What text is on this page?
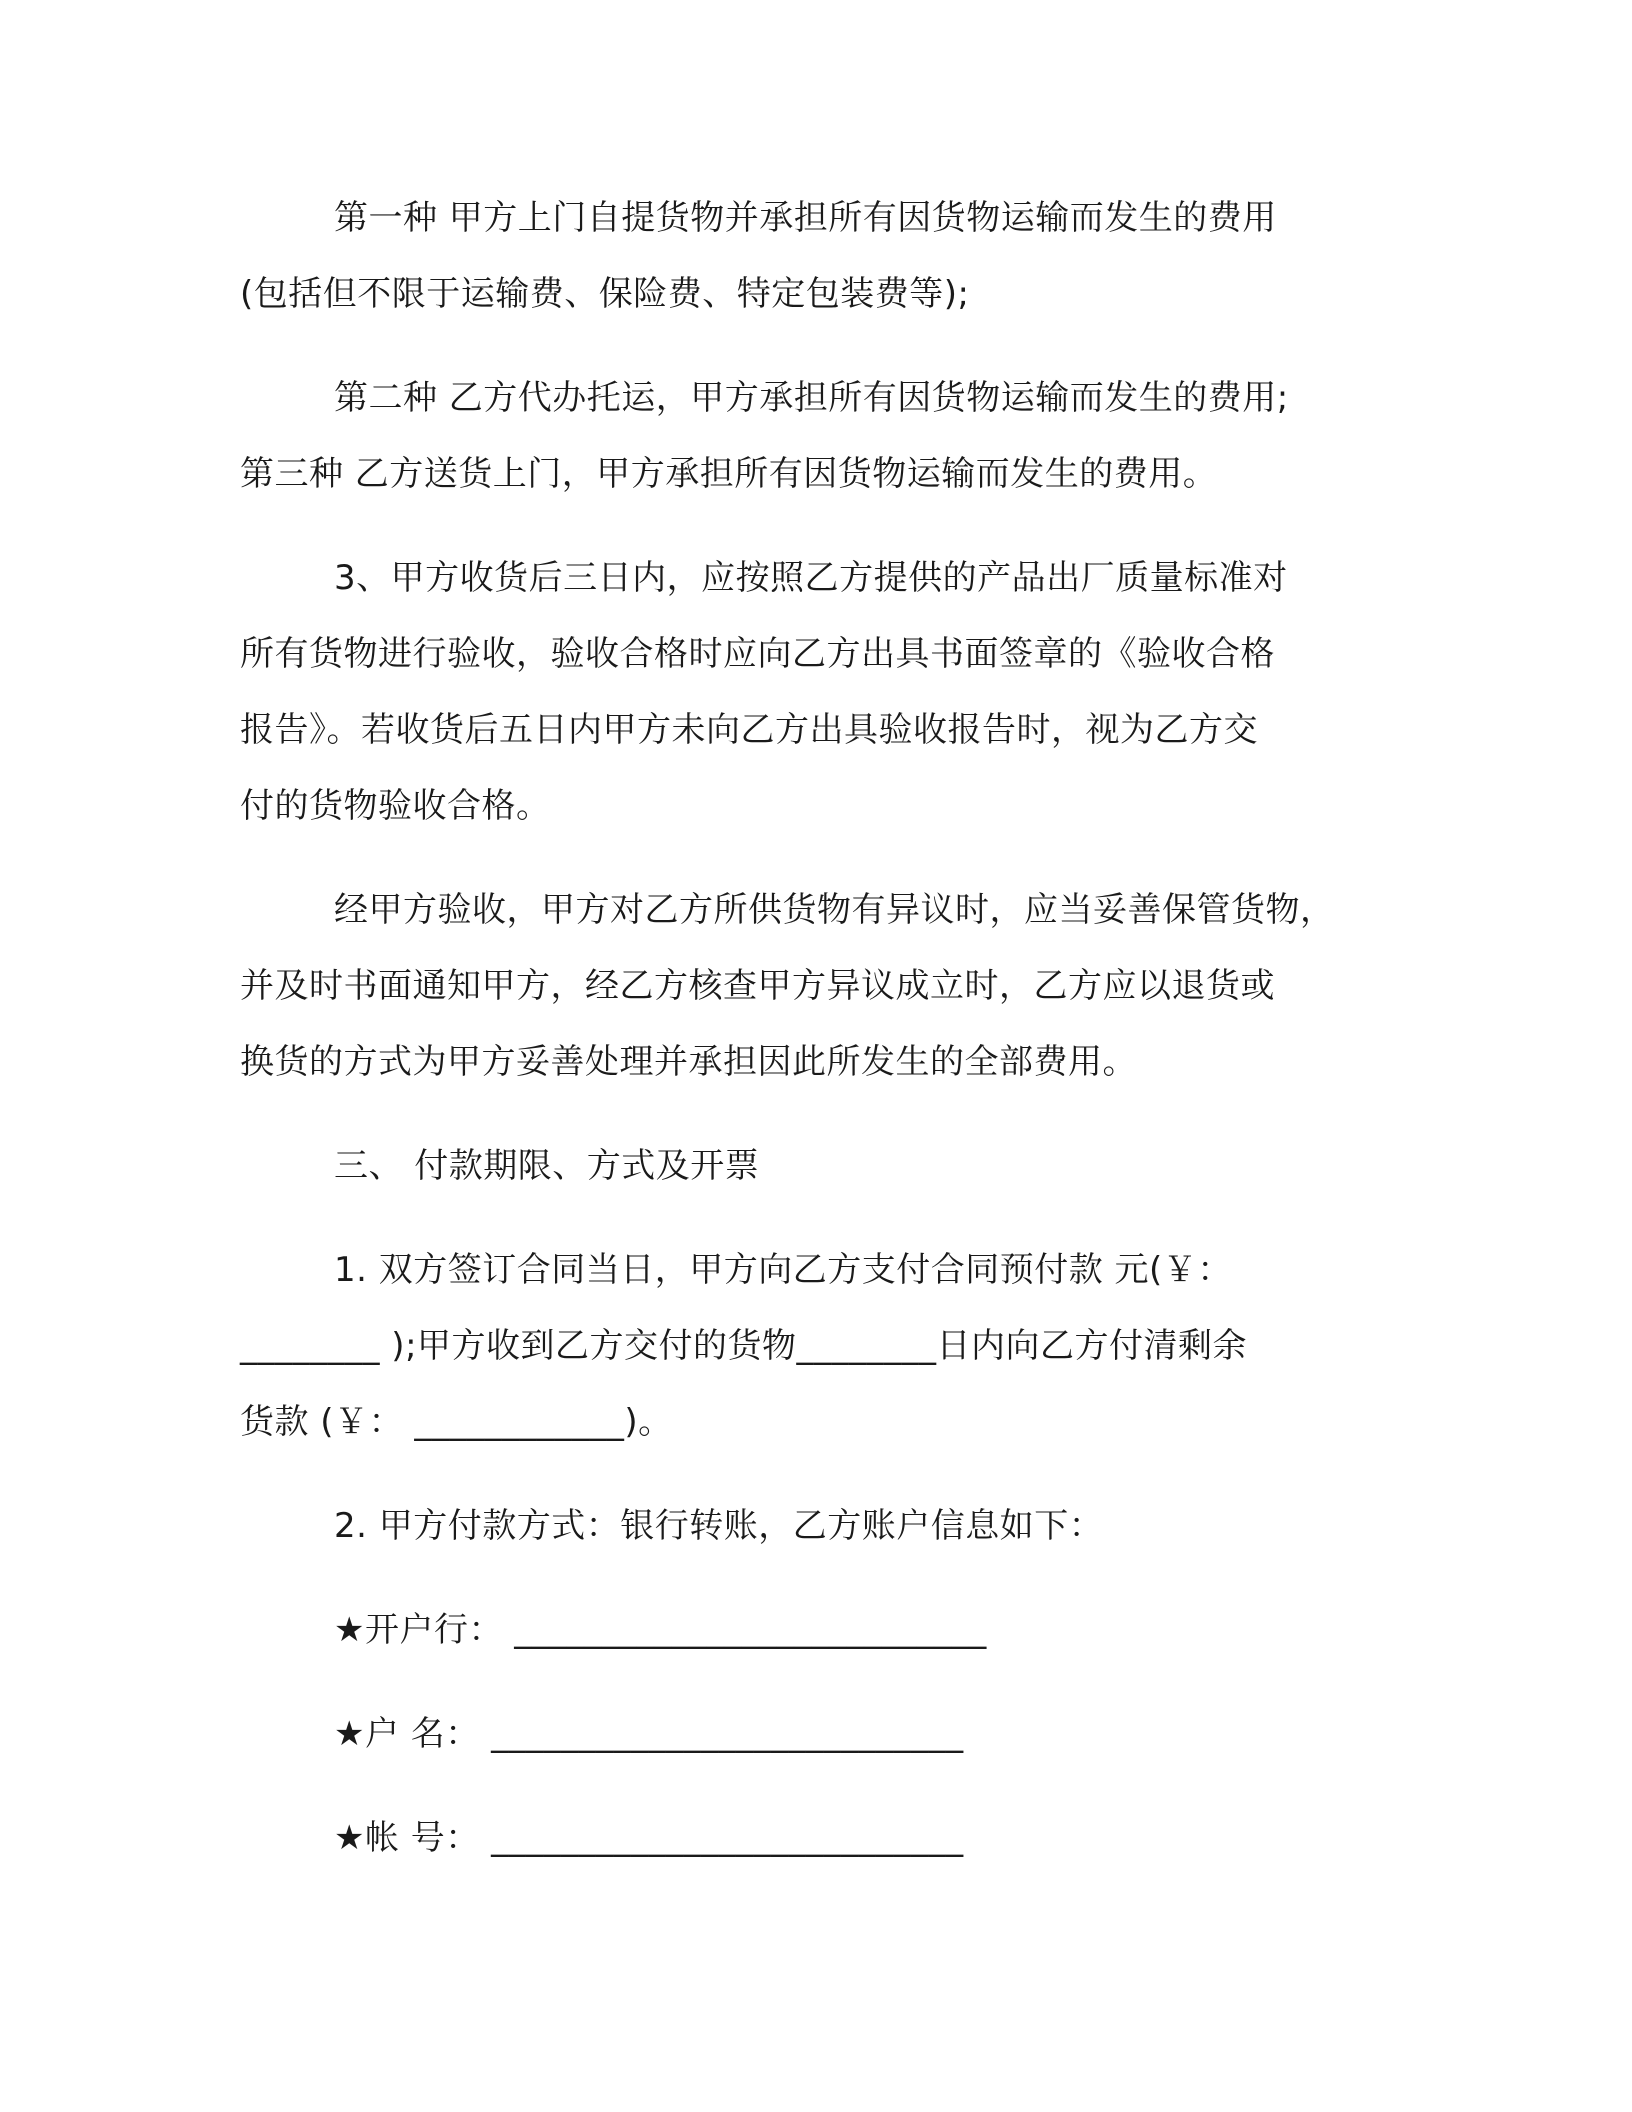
第一种 甲方上门自提货物并承担所有因货物运输而发生的费用
(包括但不限于运输费、保险费、特定包装费等);
第二种 乙方代办托运，甲方承担所有因货物运输而发生的费用;
第三种 乙方送货上门，甲方承担所有因货物运输而发生的费用。
3、甲方收货后三日内，应按照乙方提供的产品出厂质量标准对
所有货物进行验收，验收合格时应向乙方出具书面签章的《验收合格
报告》。若收货后五日内甲方未向乙方出具验收报告时，视为乙方交
付的货物验收合格。
经甲方验收，甲方对乙方所供货物有异议时，应当妥善保管货物，
并及时书面通知甲方，经乙方核查甲方异议成立时，乙方应以退货或
换货的方式为甲方妥善处理并承担因此所发生的全部费用。
三、 付款期限、方式及开票
1. 双方签订合同当日，甲方向乙方支付合同预付款 元(￥：
________ );甲方收到乙方交付的货物________日内向乙方付清剩余
货款 (￥： ____________)。
2. 甲方付款方式：银行转账，乙方账户信息如下：
★开户行： ___________________________
★户 名： ___________________________
★帐 号： ___________________________
